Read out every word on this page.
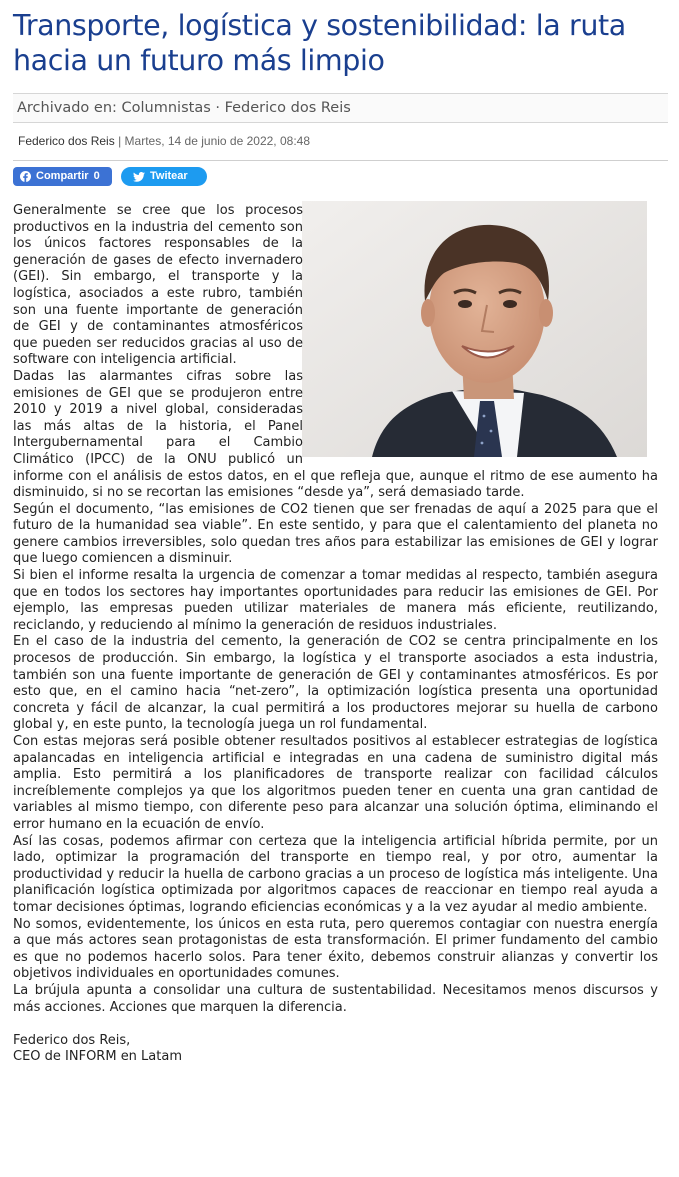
Transporte, logística y sostenibilidad: la ruta hacia un futuro más limpio
Archivado en: Columnistas · Federico dos Reis
Federico dos Reis | Martes, 14 de junio de 2022, 08:48
Compartir 0	Twitear

Generalmente se cree que los procesos productivos en la industria del cemento son los únicos factores responsables de la generación de gases de efecto invernadero (GEI). Sin embargo, el transporte y la logística, asociados a este rubro, también son una fuente importante de generación de GEI y de contaminantes atmosféricos que pueden ser reducidos gracias al uso de software con inteligencia artificial.

Dadas las alarmantes cifras sobre las emisiones de GEI que se produjeron entre 2010 y 2019 a nivel global, consideradas las más altas de la historia, el Panel Intergubernamental para el Cambio Climático (IPCC) de la ONU publicó un informe con el análisis de estos datos, en el que refleja que, aunque el ritmo de ese aumento ha disminuido, si no se recortan las emisiones “desde ya”, será demasiado tarde.

Según el documento, “las emisiones de CO2 tienen que ser frenadas de aquí a 2025 para que el futuro de la humanidad sea viable”. En este sentido, y para que el calentamiento del planeta no genere cambios irreversibles, solo quedan tres años para estabilizar las emisiones de GEI y lograr que luego comiencen a disminuir.

Si bien el informe resalta la urgencia de comenzar a tomar medidas al respecto, también asegura que en todos los sectores hay importantes oportunidades para reducir las emisiones de GEI. Por ejemplo, las empresas pueden utilizar materiales de manera más eficiente, reutilizando, reciclando, y reduciendo al mínimo la generación de residuos industriales.

En el caso de la industria del cemento, la generación de CO2 se centra principalmente en los procesos de producción. Sin embargo, la logística y el transporte asociados a esta industria, también son una fuente importante de generación de GEI y contaminantes atmosféricos. Es por esto que, en el camino hacia “net-zero”, la optimización logística presenta una oportunidad concreta y fácil de alcanzar, la cual permitirá a los productores mejorar su huella de carbono global y, en este punto, la tecnología juega un rol fundamental.

Con estas mejoras será posible obtener resultados positivos al establecer estrategias de logística apalancadas en inteligencia artificial e integradas en una cadena de suministro digital más amplia. Esto permitirá a los planificadores de transporte realizar con facilidad cálculos increíblemente complejos ya que los algoritmos pueden tener en cuenta una gran cantidad de variables al mismo tiempo, con diferente peso para alcanzar una solución óptima, eliminando el error humano en la ecuación de envío.

Así las cosas, podemos afirmar con certeza que la inteligencia artificial híbrida permite, por un lado, optimizar la programación del transporte en tiempo real, y por otro, aumentar la productividad y reducir la huella de carbono gracias a un proceso de logística más inteligente. Una planificación logística optimizada por algoritmos capaces de reaccionar en tiempo real ayuda a tomar decisiones óptimas, logrando eficiencias económicas y a la vez ayudar al medio ambiente.

No somos, evidentemente, los únicos en esta ruta, pero queremos contagiar con nuestra energía a que más actores sean protagonistas de esta transformación. El primer fundamento del cambio es que no podemos hacerlo solos. Para tener éxito, debemos construir alianzas y convertir los objetivos individuales en oportunidades comunes.

La brújula apunta a consolidar una cultura de sustentabilidad. Necesitamos menos discursos y más acciones. Acciones que marquen la diferencia.

Federico dos Reis,
CEO de INFORM en Latam
